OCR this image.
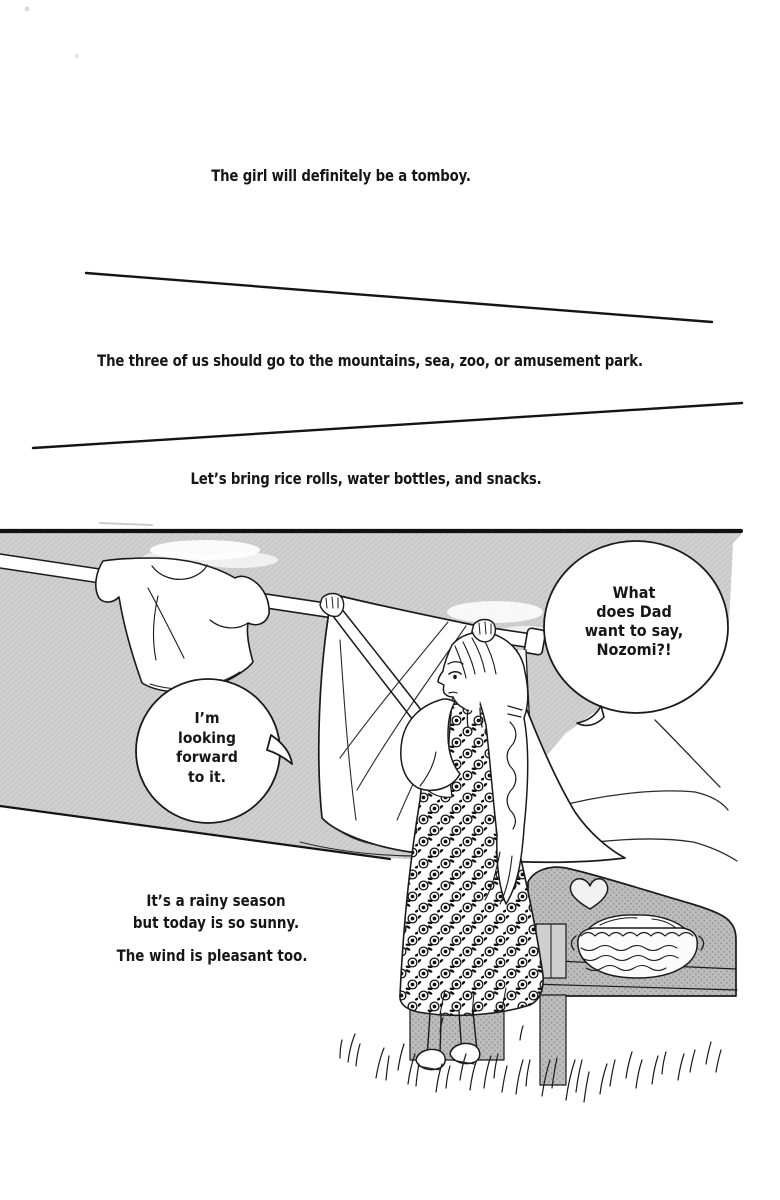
The girl will definitely be a tomboy.
The three of us should go to the mountains, sea, zoo, or amusement park.
Let’s bring rice rolls, water bottles, and snacks.
What
does Dad
want to say,
Nozomi?!
I’m
looking
forward
to it.
It’s a rainy season
but today is so sunny.
The wind is pleasant too.
